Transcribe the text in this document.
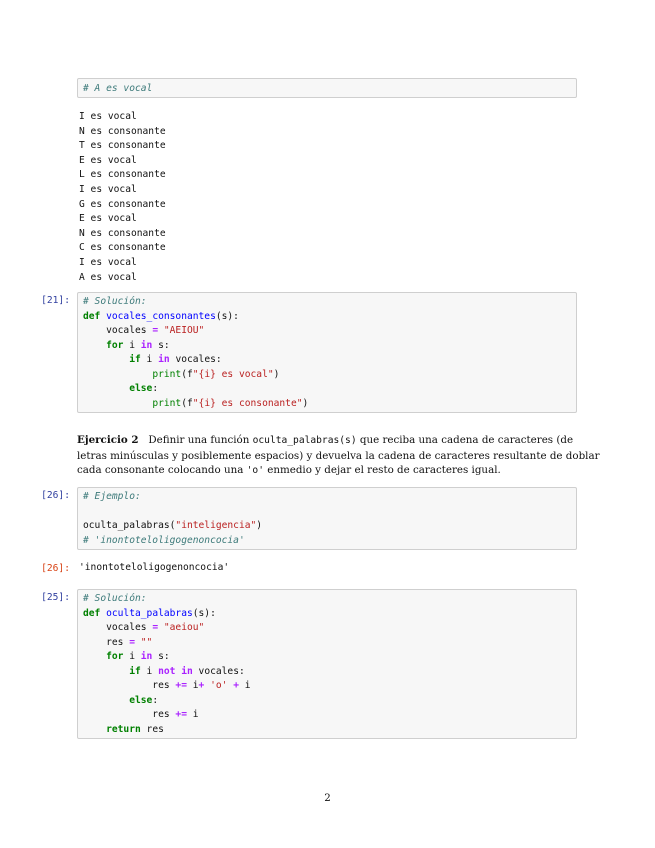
# A es vocal
I es vocal
N es consonante
T es consonante
E es vocal
L es consonante
I es vocal
G es consonante
E es vocal
N es consonante
C es consonante
I es vocal
A es vocal
[21]: # Solución:
def vocales_consonantes(s):
vocales = "AEIOU"
for i in s:
if i in vocales:
print(f"{i} es vocal")
else:
print(f"{i} es consonante")

Ejercicio 2 Definir una función oculta_palabras(s) que reciba una cadena de caracteres (de

letras minúsculas y posiblemente espacios) y devuelva la cadena de caracteres resultante de doblar

cada consonante colocando una 'o' enmedio y dejar el resto de caracteres igual.

[26]: # Ejemplo:
oculta_palabras("inteligencia")
# 'inontoteloligogenoncocia'
[26]: 'inontoteloligogenoncocia'
[25]: # Solución:
def oculta_palabras(s):
vocales = "aeiou"
res = ""
for i in s:
if i not in vocales:
res += i+ 'o' + i
else:
res += i
return res
2
